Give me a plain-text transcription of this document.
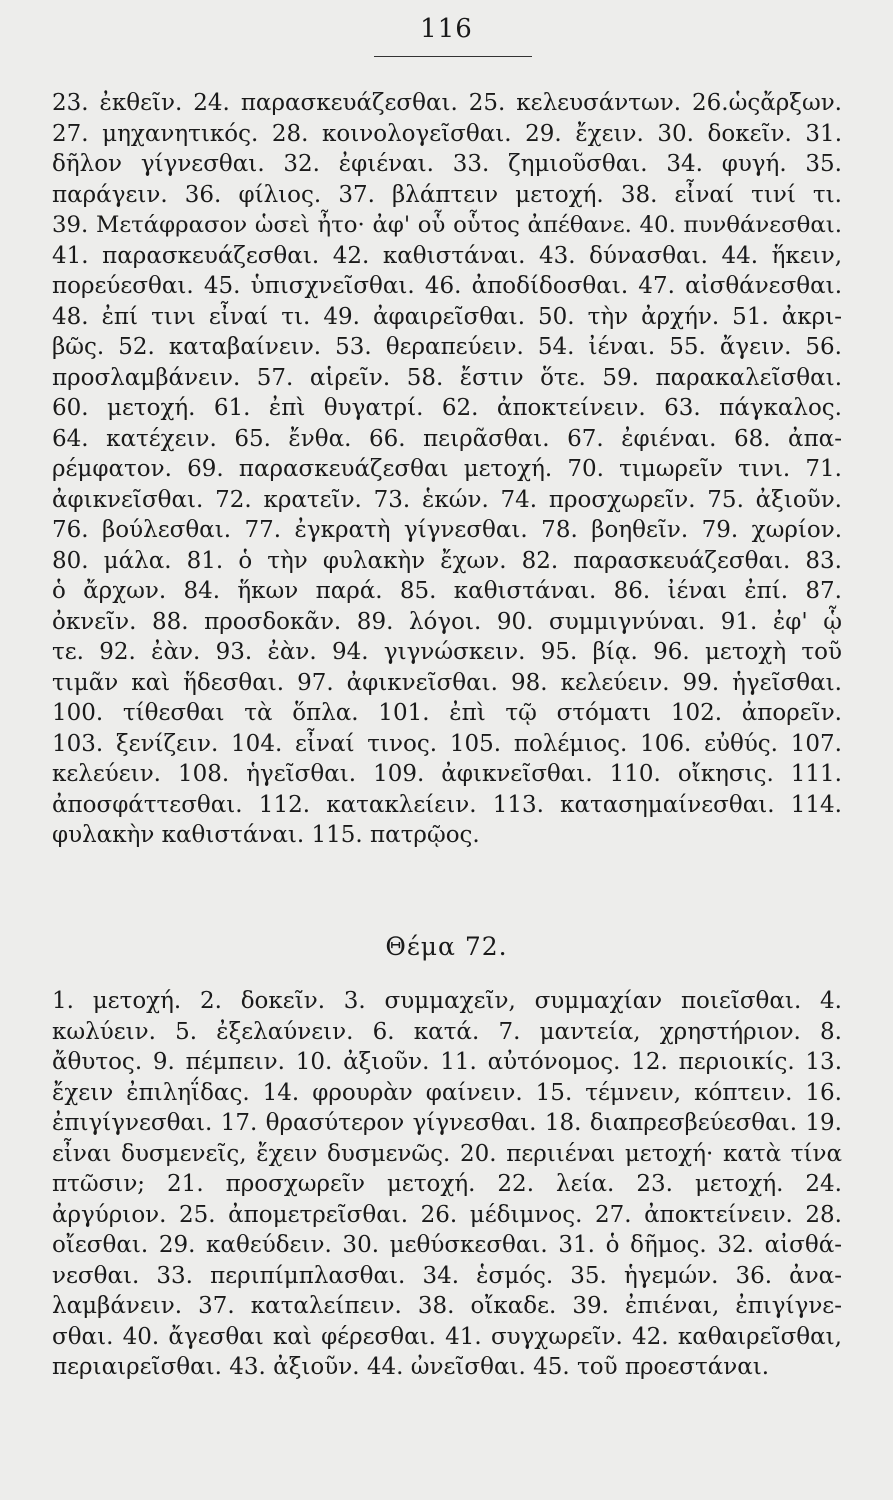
116
23. ἐκθεῖν. 24. παρασκευάζεσθαι. 25. κελευσάντων. 26.ὡςἄρξων.
27. μηχανητικός. 28. κοινολογεῖσθαι. 29. ἔχειν. 30. δοκεῖν. 31.
δῆλον γίγνεσθαι. 32. ἐφιέναι. 33. ζημιοῦσθαι. 34. φυγή. 35.
παράγειν. 36. φίλιος. 37. βλάπτειν μετοχή. 38. εἶναί τινί τι.
39. Μετάφρασον ὡσεὶ ἦτο· ἀφ' οὗ οὗτος ἀπέθανε. 40. πυνθάνεσθαι.
41. παρασκευάζεσθαι. 42. καθιστάναι. 43. δύνασθαι. 44. ἥκειν,
πορεύεσθαι. 45. ὑπισχνεῖσθαι. 46. ἀποδίδοσθαι. 47. αἰσθάνεσθαι.
48. ἐπί τινι εἶναί τι. 49. ἀφαιρεῖσθαι. 50. τὴν ἀρχήν. 51. ἀκρι-
βῶς. 52. καταβαίνειν. 53. θεραπεύειν. 54. ἰέναι. 55. ἄγειν. 56.
προσλαμβάνειν. 57. αἱρεῖν. 58. ἔστιν ὅτε. 59. παρακαλεῖσθαι.
60. μετοχή. 61. ἐπὶ θυγατρί. 62. ἀποκτείνειν. 63. πάγκαλος.
64. κατέχειν. 65. ἔνθα. 66. πειρᾶσθαι. 67. ἐφιέναι. 68. ἀπα-
ρέμφατον. 69. παρασκευάζεσθαι μετοχή. 70. τιμωρεῖν τινι. 71.
ἀφικνεῖσθαι. 72. κρατεῖν. 73. ἑκών. 74. προσχωρεῖν. 75. ἀξιοῦν.
76. βούλεσθαι. 77. ἐγκρατὴ γίγνεσθαι. 78. βοηθεῖν. 79. χωρίον.
80. μάλα. 81. ὁ τὴν φυλακὴν ἔχων. 82. παρασκευάζεσθαι. 83.
ὁ ἄρχων. 84. ἥκων παρά. 85. καθιστάναι. 86. ἰέναι ἐπί. 87.
ὀκνεῖν. 88. προσδοκᾶν. 89. λόγοι. 90. συμμιγνύναι. 91. ἐφ' ᾧ
τε. 92. ἐὰν. 93. ἐὰν. 94. γιγνώσκειν. 95. βίᾳ. 96. μετοχὴ τοῦ
τιμᾶν καὶ ἥδεσθαι. 97. ἀφικνεῖσθαι. 98. κελεύειν. 99. ἡγεῖσθαι.
100. τίθεσθαι τὰ ὅπλα. 101. ἐπὶ τῷ στόματι 102. ἀπορεῖν.
103. ξενίζειν. 104. εἶναί τινος. 105. πολέμιος. 106. εὐθύς. 107.
κελεύειν. 108. ἡγεῖσθαι. 109. ἀφικνεῖσθαι. 110. οἴκησις. 111.
ἀποσφάττεσθαι. 112. κατακλείειν. 113. κατασημαίνεσθαι. 114.
φυλακὴν καθιστάναι. 115. πατρῷος.
Θέμα 72.
1. μετοχή. 2. δοκεῖν. 3. συμμαχεῖν, συμμαχίαν ποιεῖσθαι. 4.
κωλύειν. 5. ἐξελαύνειν. 6. κατά. 7. μαντεία, χρηστήριον. 8.
ἄθυτος. 9. πέμπειν. 10. ἀξιοῦν. 11. αὐτόνομος. 12. περιοικίς. 13.
ἔχειν ἐπιληΐδας. 14. φρουρὰν φαίνειν. 15. τέμνειν, κόπτειν. 16.
ἐπιγίγνεσθαι. 17. θρασύτερον γίγνεσθαι. 18. διαπρεσβεύεσθαι. 19.
εἶναι δυσμενεῖς, ἔχειν δυσμενῶς. 20. περιιέναι μετοχή· κατὰ τίνα
πτῶσιν; 21. προσχωρεῖν μετοχή. 22. λεία. 23. μετοχή. 24.
ἀργύριον. 25. ἀπομετρεῖσθαι. 26. μέδιμνος. 27. ἀποκτείνειν. 28.
οἴεσθαι. 29. καθεύδειν. 30. μεθύσκεσθαι. 31. ὁ δῆμος. 32. αἰσθά-
νεσθαι. 33. περιπίμπλασθαι. 34. ἑσμός. 35. ἡγεμών. 36. ἀνα-
λαμβάνειν. 37. καταλείπειν. 38. οἴκαδε. 39. ἐπιέναι, ἐπιγίγνε-
σθαι. 40. ἄγεσθαι καὶ φέρεσθαι. 41. συγχωρεῖν. 42. καθαιρεῖσθαι,
περιαιρεῖσθαι. 43. ἀξιοῦν. 44. ὠνεῖσθαι. 45. τοῦ προεστάναι.
